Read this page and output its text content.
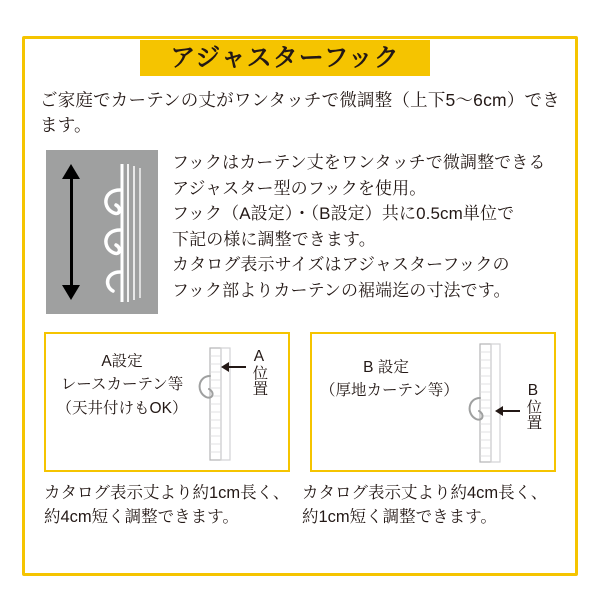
アジャスターフック
ご家庭でカーテンの丈がワンタッチで微調整（上下5〜6cm）できます。
フックはカーテン丈をワンタッチで微調整できる
アジャスター型のフックを使用。
フック（A設定）・（B設定）共に0.5cm単位で
下記の様に調整できます。
カタログ表示サイズはアジャスターフックの
フック部よりカーテンの裾端迄の寸法です。
A設定
レースカーテン等
（天井付けもOK）
A位置	B 設定
（厚地カーテン等）	B位置
カタログ表示丈より約1cm長く、約4cm短く調整できます。
カタログ表示丈より約4cm長く、約1cm短く調整できます。
